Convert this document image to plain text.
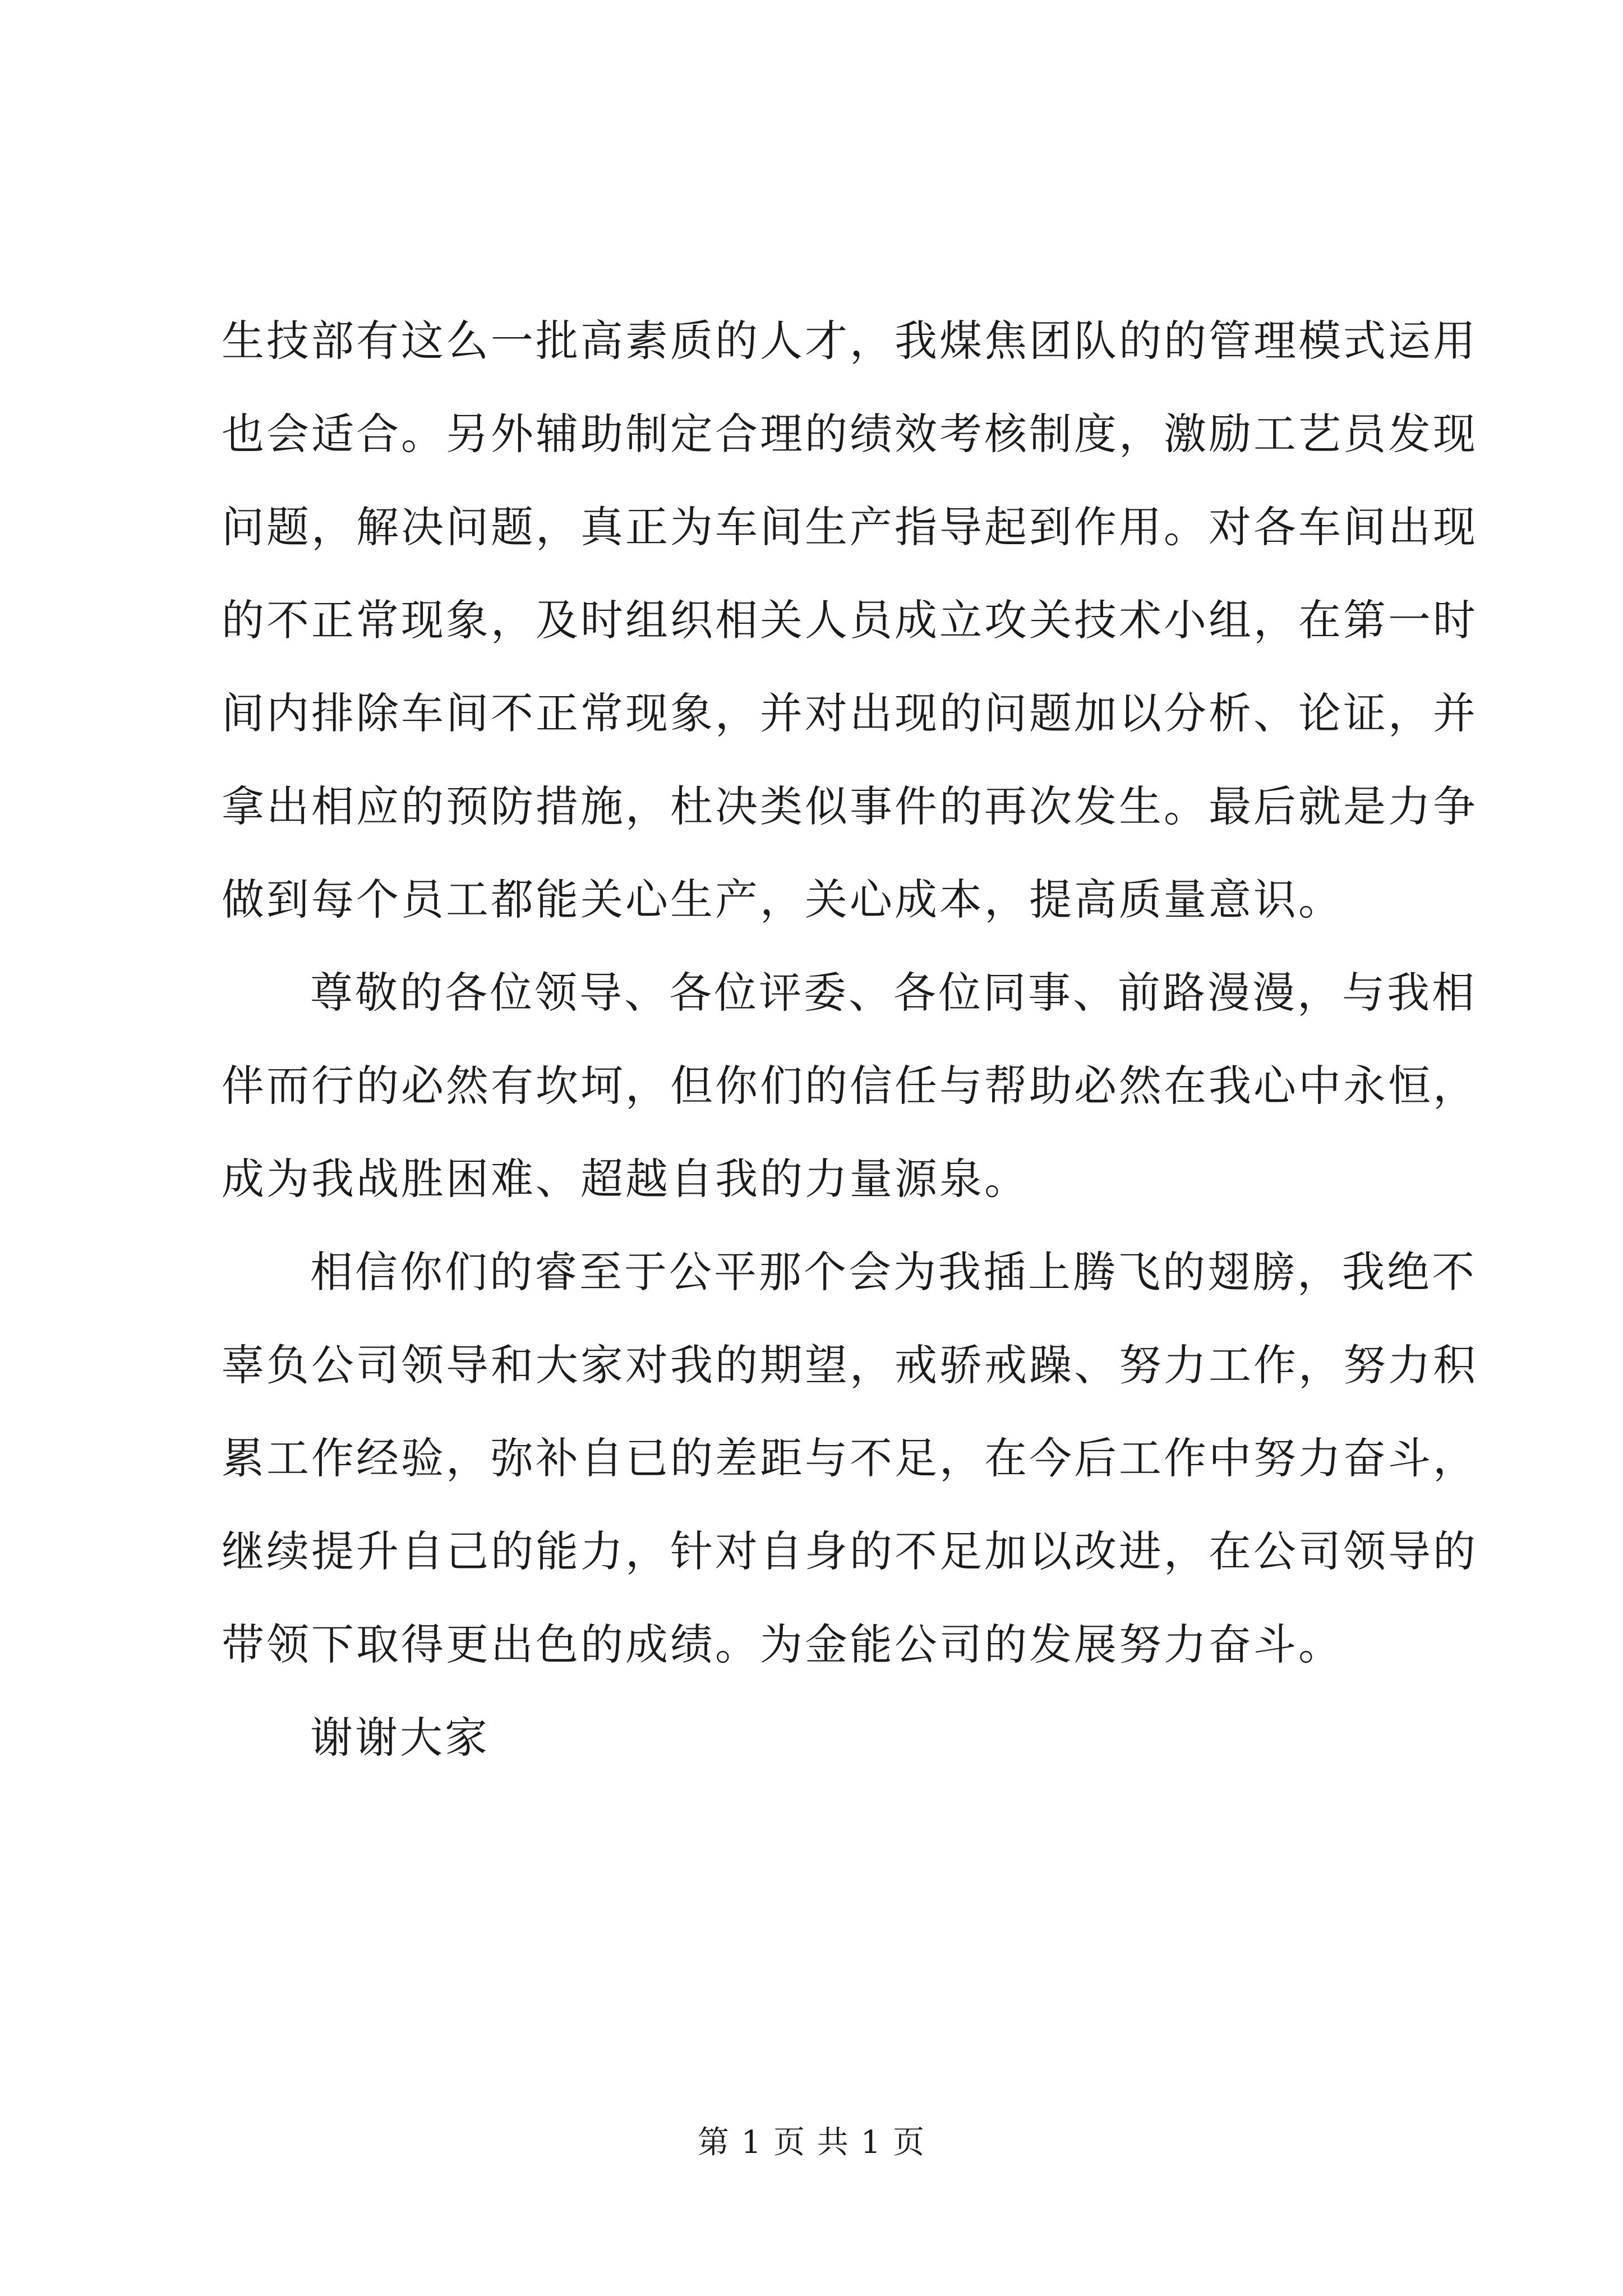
生技部有这么一批高素质的人才，我煤焦团队的的管理模式运用
也会适合。另外辅助制定合理的绩效考核制度，激励工艺员发现
问题，解决问题，真正为车间生产指导起到作用。对各车间出现
的不正常现象，及时组织相关人员成立攻关技术小组，在第一时
间内排除车间不正常现象，并对出现的问题加以分析、论证，并
拿出相应的预防措施，杜决类似事件的再次发生。最后就是力争
做到每个员工都能关心生产，关心成本，提高质量意识。
尊敬的各位领导、各位评委、各位同事、前路漫漫，与我相
伴而行的必然有坎坷，但你们的信任与帮助必然在我心中永恒，
成为我战胜困难、超越自我的力量源泉。
相信你们的睿至于公平那个会为我插上腾飞的翅膀，我绝不
辜负公司领导和大家对我的期望，戒骄戒躁、努力工作，努力积
累工作经验，弥补自已的差距与不足，在今后工作中努力奋斗，
继续提升自己的能力，针对自身的不足加以改进，在公司领导的
带领下取得更出色的成绩。为金能公司的发展努力奋斗。
谢谢大家
第 1 页 共 1 页
